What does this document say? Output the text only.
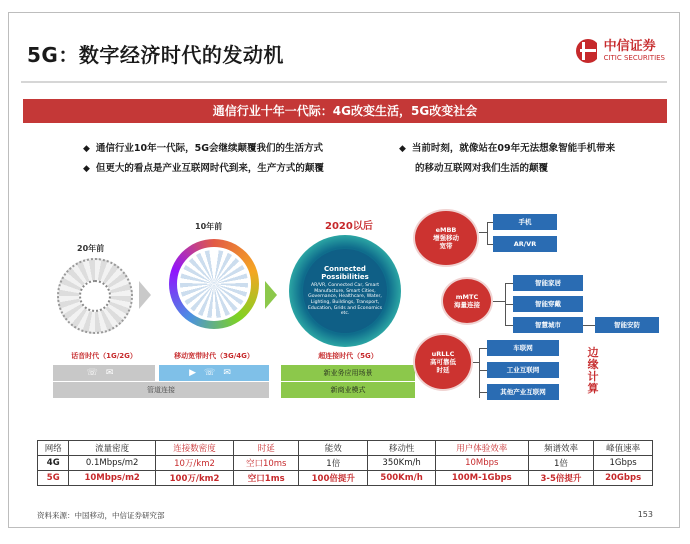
5G：数字经济时代的发动机	中信证券
CITIC SECURITIES
通信行业十年一代际：4G改变生活，5G改变社会
◆ 通信行业10年一代际，5G会继续颠覆我们的生活方式
◆ 但更大的看点是产业互联网时代到来，生产方式的颠覆
◆ 当前时刻，就像站在09年无法想象智能手机带来
的移动互联网对我们生活的颠覆
20年前
10年前	2020以后
Connected Possibilities
AR/VR, Connected Car, Smart Manufacture, Smart Cities, Governance, Healthcare, Water, Lighting, Buildings, Transport, Education, Grids and Economics etc.
话音时代（1G/2G）	移动宽带时代（3G/4G）	超连接时代（5G）
☏✉	▶☏✉
管道连接
新业务应用场景
新商业模式
eMBB
增强移动
宽带
mMTC
海量连接
uRLLC
高可靠低
时延
手机
AR/VR
智能家居
智能穿戴
智慧城市	智能安防
车联网
工业互联网
其他产业互联网
边
缘
计
算
网络	流量密度	连接数密度	时延	能效	移动性	用户体验效率	频谱效率	峰值速率
4G	0.1Mbps/m2	10万/km2	空口10ms	1倍	350Km/h	10Mbps	1倍	1Gbps
5G	10Mbps/m2	100万/km2	空口1ms	100倍提升	500Km/h	100M-1Gbps	3-5倍提升	20Gbps
资料来源：中国移动，中信证券研究部	153
